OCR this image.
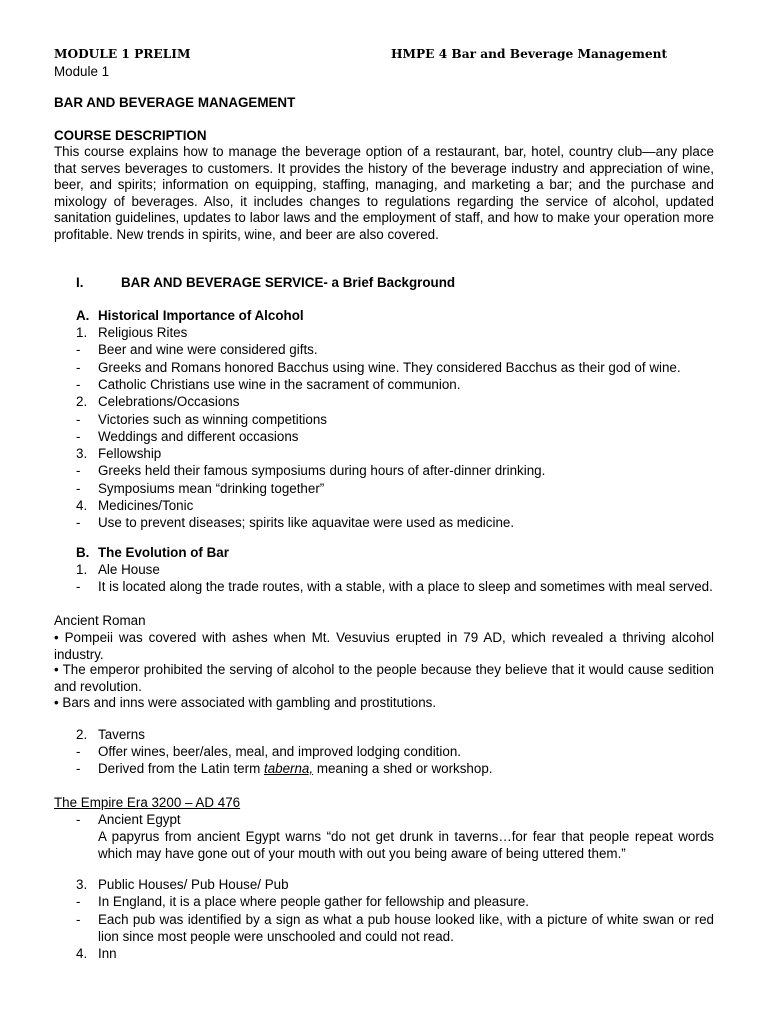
MODULE 1 PRELIM	HMPE 4 Bar and Beverage Management
Module 1
BAR AND BEVERAGE MANAGEMENT
COURSE DESCRIPTION
This course explains how to manage the beverage option of a restaurant, bar, hotel, country club—any place that serves beverages to customers. It provides the history of the beverage industry and appreciation of wine, beer, and spirits; information on equipping, staffing, managing, and marketing a bar; and the purchase and mixology of beverages. Also, it includes changes to regulations regarding the service of alcohol, updated sanitation guidelines, updates to labor laws and the employment of staff, and how to make your operation more profitable. New trends in spirits, wine, and beer are also covered.
I.	BAR AND BEVERAGE SERVICE- a Brief Background
A. Historical Importance of Alcohol
1. Religious Rites
- Beer and wine were considered gifts.
- Greeks and Romans honored Bacchus using wine. They considered Bacchus as their god of wine.
- Catholic Christians use wine in the sacrament of communion.
2. Celebrations/Occasions
- Victories such as winning competitions
- Weddings and different occasions
3. Fellowship
- Greeks held their famous symposiums during hours of after-dinner drinking.
- Symposiums mean “drinking together”
4. Medicines/Tonic
- Use to prevent diseases; spirits like aquavitae were used as medicine.
B. The Evolution of Bar
1. Ale House
- It is located along the trade routes, with a stable, with a place to sleep and sometimes with meal served.
Ancient Roman
• Pompeii was covered with ashes when Mt. Vesuvius erupted in 79 AD, which revealed a thriving alcohol industry.
• The emperor prohibited the serving of alcohol to the people because they believe that it would cause sedition and revolution.
• Bars and inns were associated with gambling and prostitutions.
2. Taverns
- Offer wines, beer/ales, meal, and improved lodging condition.
- Derived from the Latin term taberna, meaning a shed or workshop.
The Empire Era 3200 – AD 476
- Ancient Egypt
A papyrus from ancient Egypt warns “do not get drunk in taverns…for fear that people repeat words which may have gone out of your mouth with out you being aware of being uttered them.”
3. Public Houses/ Pub House/ Pub
- In England, it is a place where people gather for fellowship and pleasure.
- Each pub was identified by a sign as what a pub house looked like, with a picture of white swan or red lion since most people were unschooled and could not read.
4. Inn
